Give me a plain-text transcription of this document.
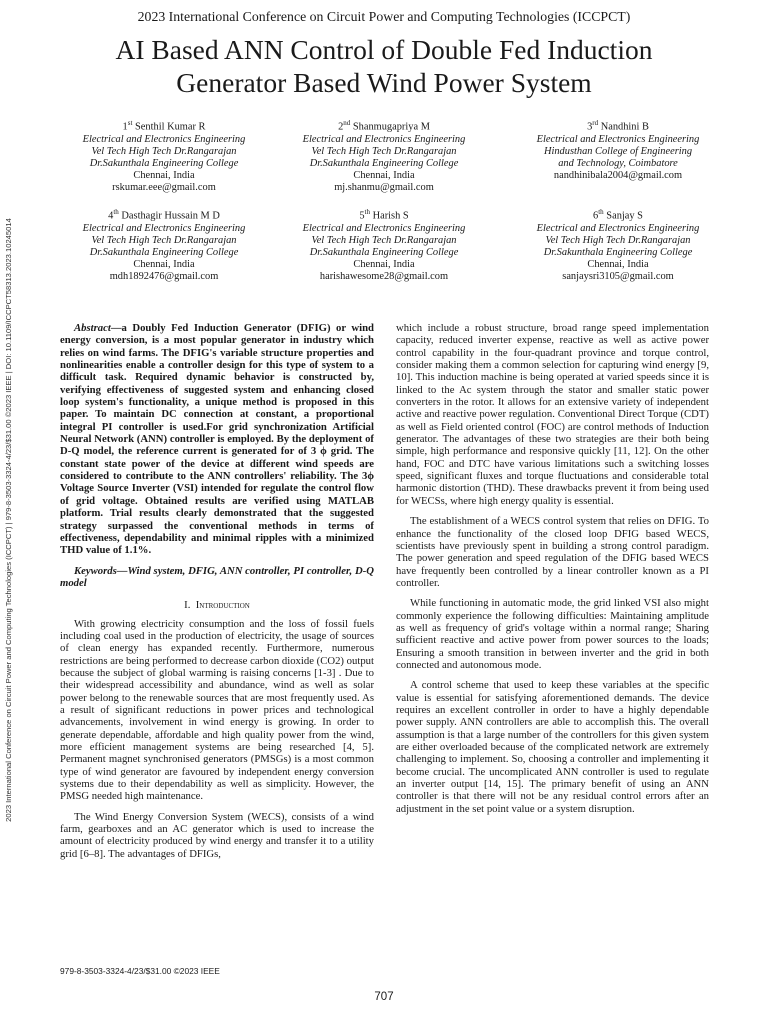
2023 International Conference on Circuit Power and Computing Technologies (ICCPCT) | 979-8-3503-3324-4/23/$31.00 ©2023 IEEE | DOI: 10.1109/ICCPCT58313.2023.10245014
2023 International Conference on Circuit Power and Computing Technologies (ICCPCT)
AI Based ANN Control of Double Fed Induction
Generator Based Wind Power System
1st Senthil Kumar R
Electrical and Electronics Engineering
Vel Tech High Tech Dr.Rangarajan
Dr.Sakunthala Engineering College
Chennai, India
rskumar.eee@gmail.com
2nd Shanmugapriya M
Electrical and Electronics Engineering
Vel Tech High Tech Dr.Rangarajan
Dr.Sakunthala Engineering College
Chennai, India
mj.shanmu@gmail.com
3rd Nandhini B
Electrical and Electronics Engineering
Hindusthan College of Engineering
and Technology, Coimbatore
nandhinibala2004@gmail.com
4th Dasthagir Hussain M D
Electrical and Electronics Engineering
Vel Tech High Tech Dr.Rangarajan
Dr.Sakunthala Engineering College
Chennai, India
mdh1892476@gmail.com
5th Harish S
Electrical and Electronics Engineering
Vel Tech High Tech Dr.Rangarajan
Dr.Sakunthala Engineering College
Chennai, India
harishawesome28@gmail.com
6th Sanjay S
Electrical and Electronics Engineering
Vel Tech High Tech Dr.Rangarajan
Dr.Sakunthala Engineering College
Chennai, India
sanjaysri3105@gmail.com

Abstract—a Doubly Fed Induction Generator (DFIG) or wind energy conversion, is a most popular generator in industry which relies on wind farms. The DFIG's variable structure properties and nonlinearities enable a controller design for this type of system to a difficult task. Required dynamic behavior is constructed by, verifying effectiveness of suggested system and enhancing closed loop system's functionality, a unique method is proposed in this paper. To maintain DC connection at constant, a proportional integral PI controller is used.For grid synchronization Artificial Neural Network (ANN) controller is employed. By the deployment of D-Q model, the reference current is generated for of 3 ϕ grid. The constant state power of the device at different wind speeds are considered to contribute to the ANN controllers' reliability. The 3ϕ Voltage Source Inverter (VSI) intended for regulate the control flow of grid voltage. Obtained results are verified using MATLAB platform. Trial results clearly demonstrated that the suggested strategy surpassed the conventional methods in terms of effectiveness, dependability and minimal ripples with a minimized THD value of 1.1%.

Keywords—Wind system, DFIG, ANN controller, PI controller, D-Q model

I. Introduction

With growing electricity consumption and the loss of fossil fuels including coal used in the production of electricity, the usage of sources of clean energy has expanded recently. Furthermore, numerous restrictions are being performed to decrease carbon dioxide (CO2) output because the subject of global warming is raising concerns [1-3] . Due to their widespread accessibility and abundance, wind as well as solar power belong to the renewable sources that are most frequently used. As a result of significant reductions in power prices and technological advancements, involvement in wind energy is growing. In order to generate dependable, affordable and high quality power from the wind, more efficient management systems are being researched [4, 5]. Permanent magnet synchronised generators (PMSGs) is a most common type of wind generator are favoured by independent energy conversion systems due to their dependability as well as simplicity. However, the PMSG needed high maintenance.

The Wind Energy Conversion System (WECS), consists of a wind farm, gearboxes and an AC generator which is used to increase the amount of electricity produced by wind energy and transfer it to a utility grid [6–8]. The advantages of DFIGs,

which include a robust structure, broad range speed implementation capacity, reduced inverter expense, reactive as well as active power control capability in the four-quadrant province and torque control, consider making them a common selection for capturing wind energy [9, 10]. This induction machine is being operated at varied speeds since it is linked to the Ac system through the stator and smaller static power converters in the rotor. It allows for an extensive variety of independent active and reactive power regulation. Conventional Direct Torque (CDT) as well as Field oriented control (FOC) are control methods of Induction generator. The advantages of these two strategies are their both being simple, high performance and responsive quickly [11, 12]. On the other hand, FOC and DTC have various limitations such a switching losses speed, significant fluxes and torque fluctuations and considerable total harmonic distortion (THD). These drawbacks prevent it from being used for WECSs, where high energy quality is essential.

The establishment of a WECS control system that relies on DFIG. To enhance the functionality of the closed loop DFIG based WECS, scientists have previously spent in building a strong control paradigm. The power generation and speed regulation of the DFIG based WECS have frequently been controlled by a linear controller known as a PI controller.

While functioning in automatic mode, the grid linked VSI also might commonly experience the following difficulties: Maintaining amplitude as well as frequency of grid's voltage within a normal range; Sharing sufficient reactive and active power from power sources to the loads; Ensuring a smooth transition in between inverter and the grid in both connected and autonomous mode.

A control scheme that used to keep these variables at the specific value is essential for satisfying aforementioned demands. The device requires an excellent controller in order to have a highly dependable power supply. ANN controllers are able to accomplish this. The overall assumption is that a large number of the controllers for this given system are either overloaded because of the complicated network are extremely challenging to implement. So, choosing a controller and implementing it become crucial. The uncomplicated ANN controller is used to regulate an inverter output [14, 15]. The primary benefit of using an ANN controller is that there will not be any residual control errors after an adjustment in the set point value or a system disruption.

979-8-3503-3324-4/23/$31.00 ©2023 IEEE
707
